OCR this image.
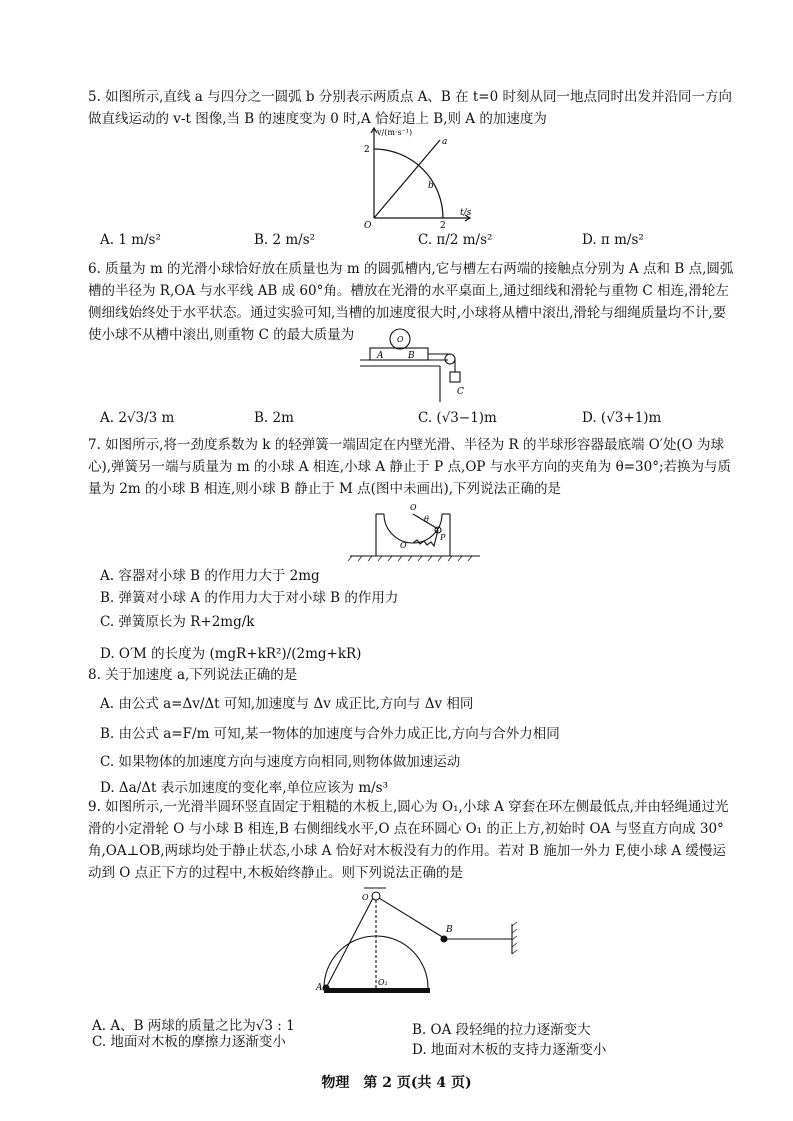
5. 如图所示,直线 a 与四分之一圆弧 b 分别表示两质点 A、B 在 t=0 时刻从同一地点同时出发并沿同一方向做直线运动的 v-t 图像,当 B 的速度变为 0 时,A 恰好追上 B,则 A 的加速度为

v/(m·s⁻¹)
t/s
2
2
O
a
b
A. 1 m/s²	B. 2 m/s²	C. π/2 m/s²	D. π m/s²

6. 质量为 m 的光滑小球恰好放在质量也为 m 的圆弧槽内,它与槽左右两端的接触点分别为 A 点和 B 点,圆弧槽的半径为 R,OA 与水平线 AB 成 60°角。槽放在光滑的水平桌面上,通过细线和滑轮与重物 C 相连,滑轮左侧细线始终处于水平状态。通过实验可知,当槽的加速度很大时,小球将从槽中滚出,滑轮与细绳质量均不计,要使小球不从槽中滚出,则重物 C 的最大质量为

A	B
O
C
A. 2√3/3 m	B. 2m	C. (√3−1)m	D. (√3+1)m

7. 如图所示,将一劲度系数为 k 的轻弹簧一端固定在内壁光滑、半径为 R 的半球形容器最底端 O′处(O 为球心),弹簧另一端与质量为 m 的小球 A 相连,小球 A 静止于 P 点,OP 与水平方向的夹角为 θ=30°;若换为与质量为 2m 的小球 B 相连,则小球 B 静止于 M 点(图中未画出),下列说法正确的是

O
θ
O′
P
A. 容器对小球 B 的作用力大于 2mg
B. 弹簧对小球 A 的作用力大于对小球 B 的作用力
C. 弹簧原长为 R+2mg/k
D. O′M 的长度为 (mgR+kR²)/(2mg+kR)

8. 关于加速度 a,下列说法正确的是

A. 由公式 a=Δv/Δt 可知,加速度与 Δv 成正比,方向与 Δv 相同
B. 由公式 a=F/m 可知,某一物体的加速度与合外力成正比,方向与合外力相同
C. 如果物体的加速度方向与速度方向相同,则物体做加速运动
D. Δa/Δt 表示加速度的变化率,单位应该为 m/s³

9. 如图所示,一光滑半圆环竖直固定于粗糙的木板上,圆心为 O₁,小球 A 穿套在环左侧最低点,并由轻绳通过光滑的小定滑轮 O 与小球 B 相连,B 右侧细线水平,O 点在环圆心 O₁ 的正上方,初始时 OA 与竖直方向成 30°角,OA⊥OB,两球均处于静止状态,小球 A 恰好对木板没有力的作用。若对 B 施加一外力 F,使小球 A 缓慢运动到 O 点正下方的过程中,木板始终静止。则下列说法正确的是

O
O₁
A
B
A. A、B 两球的质量之比为√3 : 1	B. OA 段轻绳的拉力逐渐变大
C. 地面对木板的摩擦力逐渐变小	D. 地面对木板的支持力逐渐变小
物理　第 2 页(共 4 页)
